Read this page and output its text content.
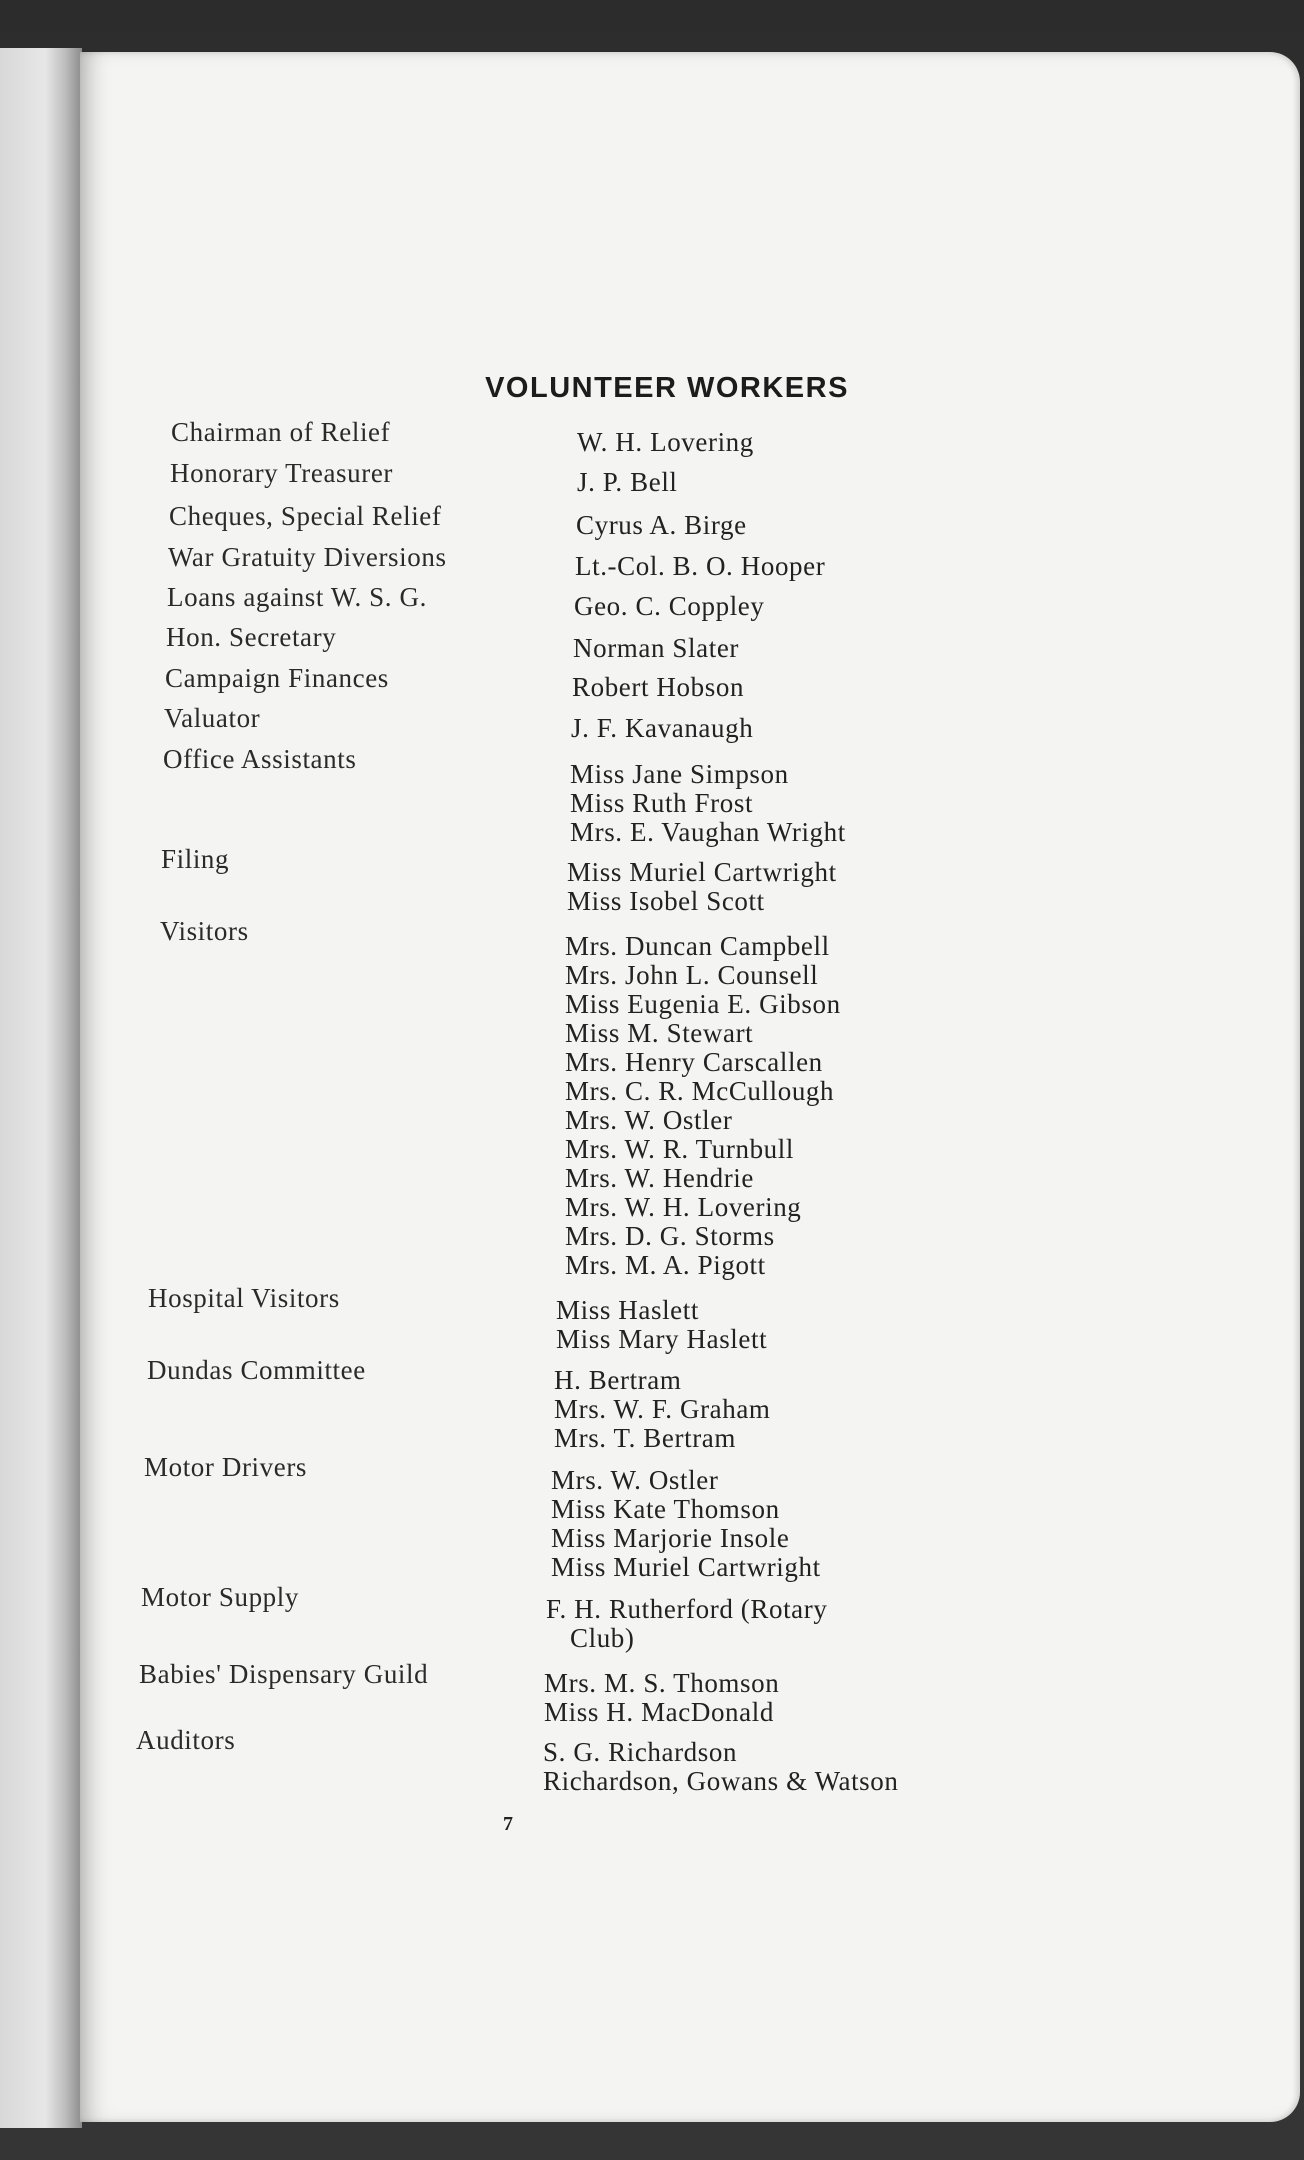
VOLUNTEER WORKERS
Chairman of Relief	W. H. Lovering
Honorary Treasurer	J. P. Bell
Cheques, Special Relief	Cyrus A. Birge
War Gratuity Diversions	Lt.-Col. B. O. Hooper
Loans against W. S. G.	Geo. C. Coppley
Hon. Secretary	Norman Slater
Campaign Finances	Robert Hobson
Valuator	J. F. Kavanaugh
Office Assistants	Miss Jane Simpson
Miss Ruth Frost
Mrs. E. Vaughan Wright
Filing	Miss Muriel Cartwright
Miss Isobel Scott
Visitors	Mrs. Duncan Campbell
Mrs. John L. Counsell
Miss Eugenia E. Gibson
Miss M. Stewart
Mrs. Henry Carscallen
Mrs. C. R. McCullough
Mrs. W. Ostler
Mrs. W. R. Turnbull
Mrs. W. Hendrie
Mrs. W. H. Lovering
Mrs. D. G. Storms
Mrs. M. A. Pigott
Hospital Visitors	Miss Haslett
Miss Mary Haslett
Dundas Committee	H. Bertram
Mrs. W. F. Graham
Mrs. T. Bertram
Motor Drivers	Mrs. W. Ostler
Miss Kate Thomson
Miss Marjorie Insole
Miss Muriel Cartwright
Motor Supply	F. H. Rutherford (Rotary
Club)
Babies' Dispensary Guild	Mrs. M. S. Thomson
Miss H. MacDonald
Auditors	S. G. Richardson
Richardson, Gowans & Watson
7
